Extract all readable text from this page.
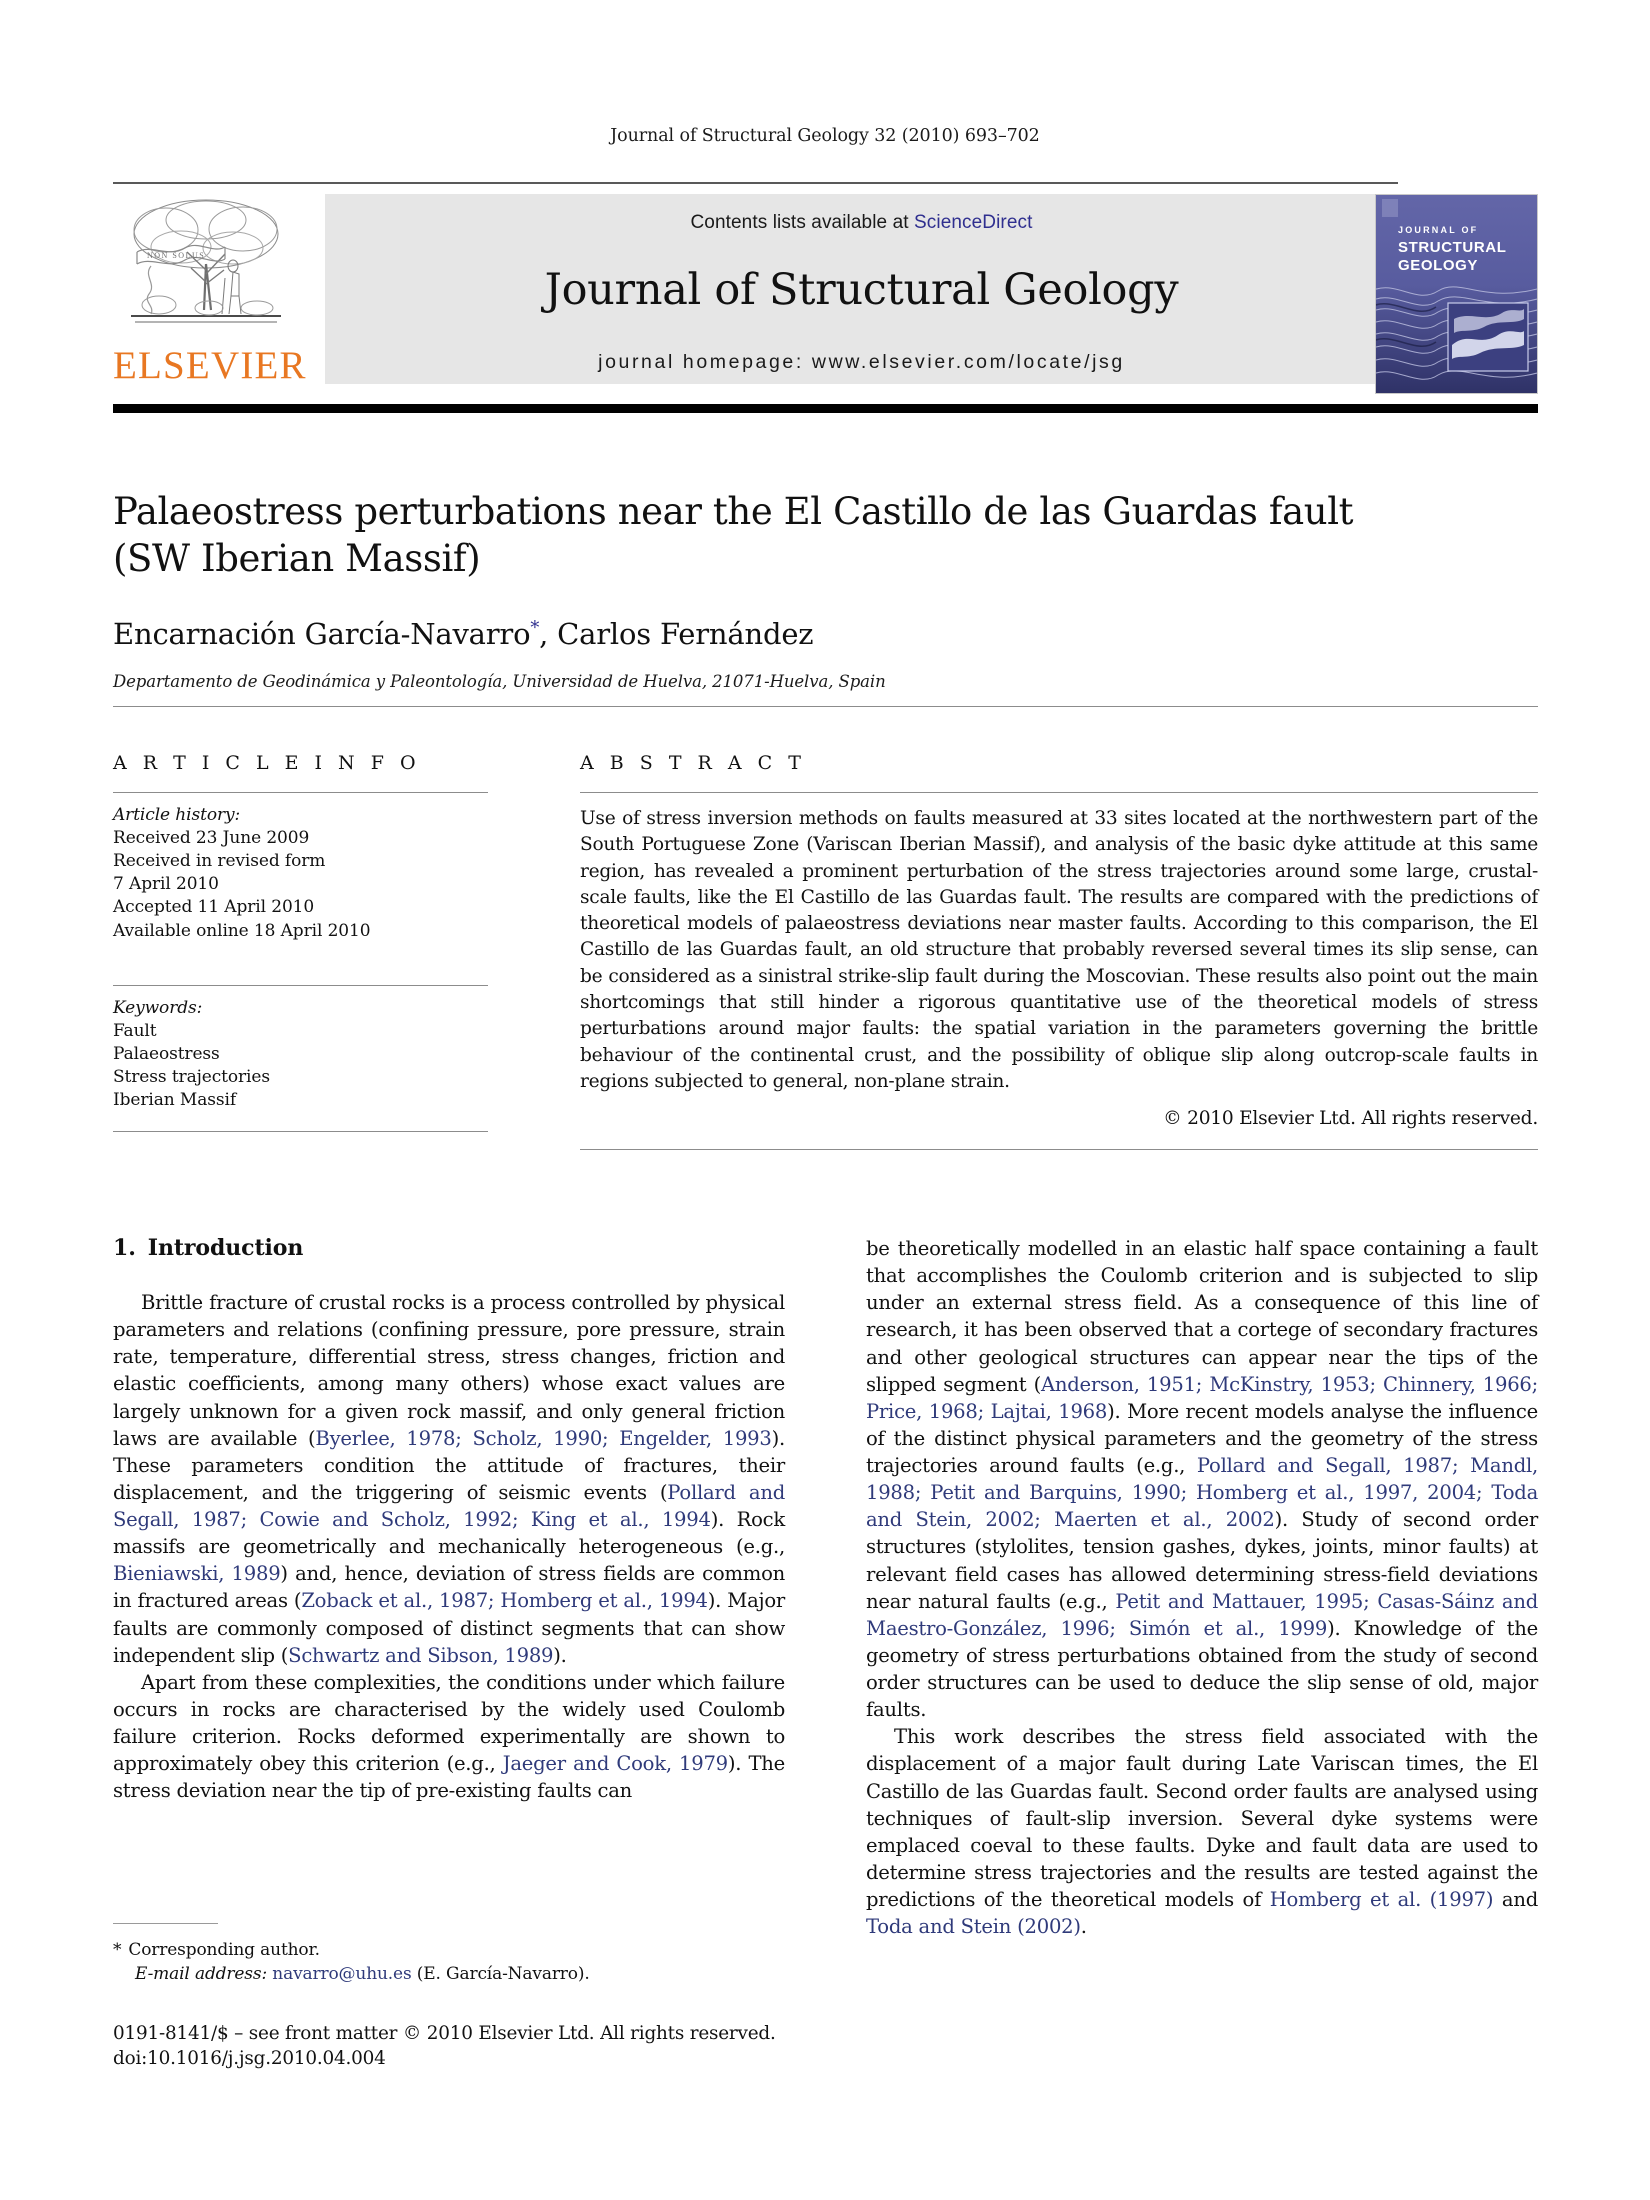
Journal of Structural Geology 32 (2010) 693–702
NON SOLUS
ELSEVIER
Contents lists available at ScienceDirect
Journal of Structural Geology
journal homepage: www.elsevier.com/locate/jsg
JOURNAL OF
STRUCTURAL
GEOLOGY
Palaeostress perturbations near the El Castillo de las Guardas fault
(SW Iberian Massif)
Encarnación García-Navarro*, Carlos Fernández
Departamento de Geodinámica y Paleontología, Universidad de Huelva, 21071-Huelva, Spain
A R T I C L E I N F O
Article history:
Received 23 June 2009
Received in revised form
7 April 2010
Accepted 11 April 2010
Available online 18 April 2010
Keywords:
Fault
Palaeostress
Stress trajectories
Iberian Massif
A B S T R A C T
Use of stress inversion methods on faults measured at 33 sites located at the northwestern part of the South Portuguese Zone (Variscan Iberian Massif), and analysis of the basic dyke attitude at this same region, has revealed a prominent perturbation of the stress trajectories around some large, crustal-scale faults, like the El Castillo de las Guardas fault. The results are compared with the predictions of theoretical models of palaeostress deviations near master faults. According to this comparison, the El Castillo de las Guardas fault, an old structure that probably reversed several times its slip sense, can be considered as a sinistral strike-slip fault during the Moscovian. These results also point out the main shortcomings that still hinder a rigorous quantitative use of the theoretical models of stress perturbations around major faults: the spatial variation in the parameters governing the brittle behaviour of the continental crust, and the possibility of oblique slip along outcrop-scale faults in regions subjected to general, non-plane strain.
© 2010 Elsevier Ltd. All rights reserved.
1. Introduction

Brittle fracture of crustal rocks is a process controlled by physical parameters and relations (confining pressure, pore pressure, strain rate, temperature, differential stress, stress changes, friction and elastic coefficients, among many others) whose exact values are largely unknown for a given rock massif, and only general friction laws are available (Byerlee, 1978; Scholz, 1990; Engelder, 1993). These parameters condition the attitude of fractures, their displacement, and the triggering of seismic events (Pollard and Segall, 1987; Cowie and Scholz, 1992; King et al., 1994). Rock massifs are geometrically and mechanically heterogeneous (e.g., Bieniawski, 1989) and, hence, deviation of stress fields are common in fractured areas (Zoback et al., 1987; Homberg et al., 1994). Major faults are commonly composed of distinct segments that can show independent slip (Schwartz and Sibson, 1989).

Apart from these complexities, the conditions under which failure occurs in rocks are characterised by the widely used Coulomb failure criterion. Rocks deformed experimentally are shown to approximately obey this criterion (e.g., Jaeger and Cook, 1979). The stress deviation near the tip of pre-existing faults can

be theoretically modelled in an elastic half space containing a fault that accomplishes the Coulomb criterion and is subjected to slip under an external stress field. As a consequence of this line of research, it has been observed that a cortege of secondary fractures and other geological structures can appear near the tips of the slipped segment (Anderson, 1951; McKinstry, 1953; Chinnery, 1966; Price, 1968; Lajtai, 1968). More recent models analyse the influence of the distinct physical parameters and the geometry of the stress trajectories around faults (e.g., Pollard and Segall, 1987; Mandl, 1988; Petit and Barquins, 1990; Homberg et al., 1997, 2004; Toda and Stein, 2002; Maerten et al., 2002). Study of second order structures (stylolites, tension gashes, dykes, joints, minor faults) at relevant field cases has allowed determining stress-field deviations near natural faults (e.g., Petit and Mattauer, 1995; Casas-Sáinz and Maestro-González, 1996; Simón et al., 1999). Knowledge of the geometry of stress perturbations obtained from the study of second order structures can be used to deduce the slip sense of old, major faults.

This work describes the stress field associated with the displacement of a major fault during Late Variscan times, the El Castillo de las Guardas fault. Second order faults are analysed using techniques of fault-slip inversion. Several dyke systems were emplaced coeval to these faults. Dyke and fault data are used to determine stress trajectories and the results are tested against the predictions of the theoretical models of Homberg et al. (1997) and Toda and Stein (2002).

* Corresponding author.
E-mail address: navarro@uhu.es (E. García-Navarro).
0191-8141/$ – see front matter © 2010 Elsevier Ltd. All rights reserved.
doi:10.1016/j.jsg.2010.04.004
